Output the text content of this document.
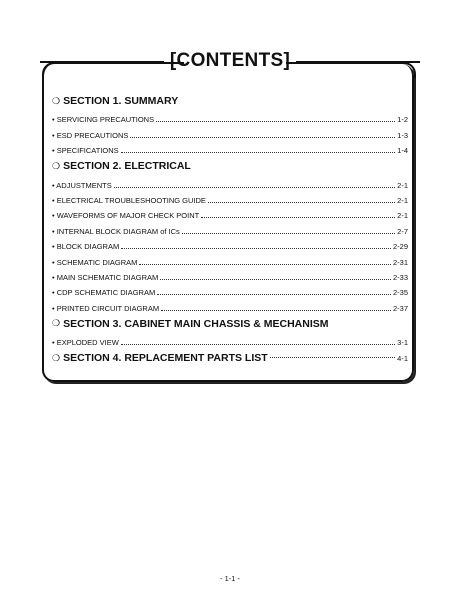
[CONTENTS]
❍ SECTION 1. SUMMARY
• SERVICING PRECAUTIONS	1-2
• ESD PRECAUTIONS	1-3
• SPECIFICATIONS	1-4
❍ SECTION 2. ELECTRICAL
• ADJUSTMENTS	2-1
• ELECTRICAL TROUBLESHOOTING GUIDE	2-1
• WAVEFORMS OF MAJOR CHECK POINT	2-1
• INTERNAL BLOCK DIAGRAM of ICs	2-7
• BLOCK DIAGRAM	2-29
• SCHEMATIC DIAGRAM	2-31
• MAIN SCHEMATIC DIAGRAM	2-33
• CDP SCHEMATIC DIAGRAM	2-35
• PRINTED CIRCUIT DIAGRAM	2-37
❍ SECTION 3. CABINET MAIN CHASSIS & MECHANISM
• EXPLODED VIEW	3-1
❍ SECTION 4. REPLACEMENT PARTS LIST	4-1
- 1-1 -
